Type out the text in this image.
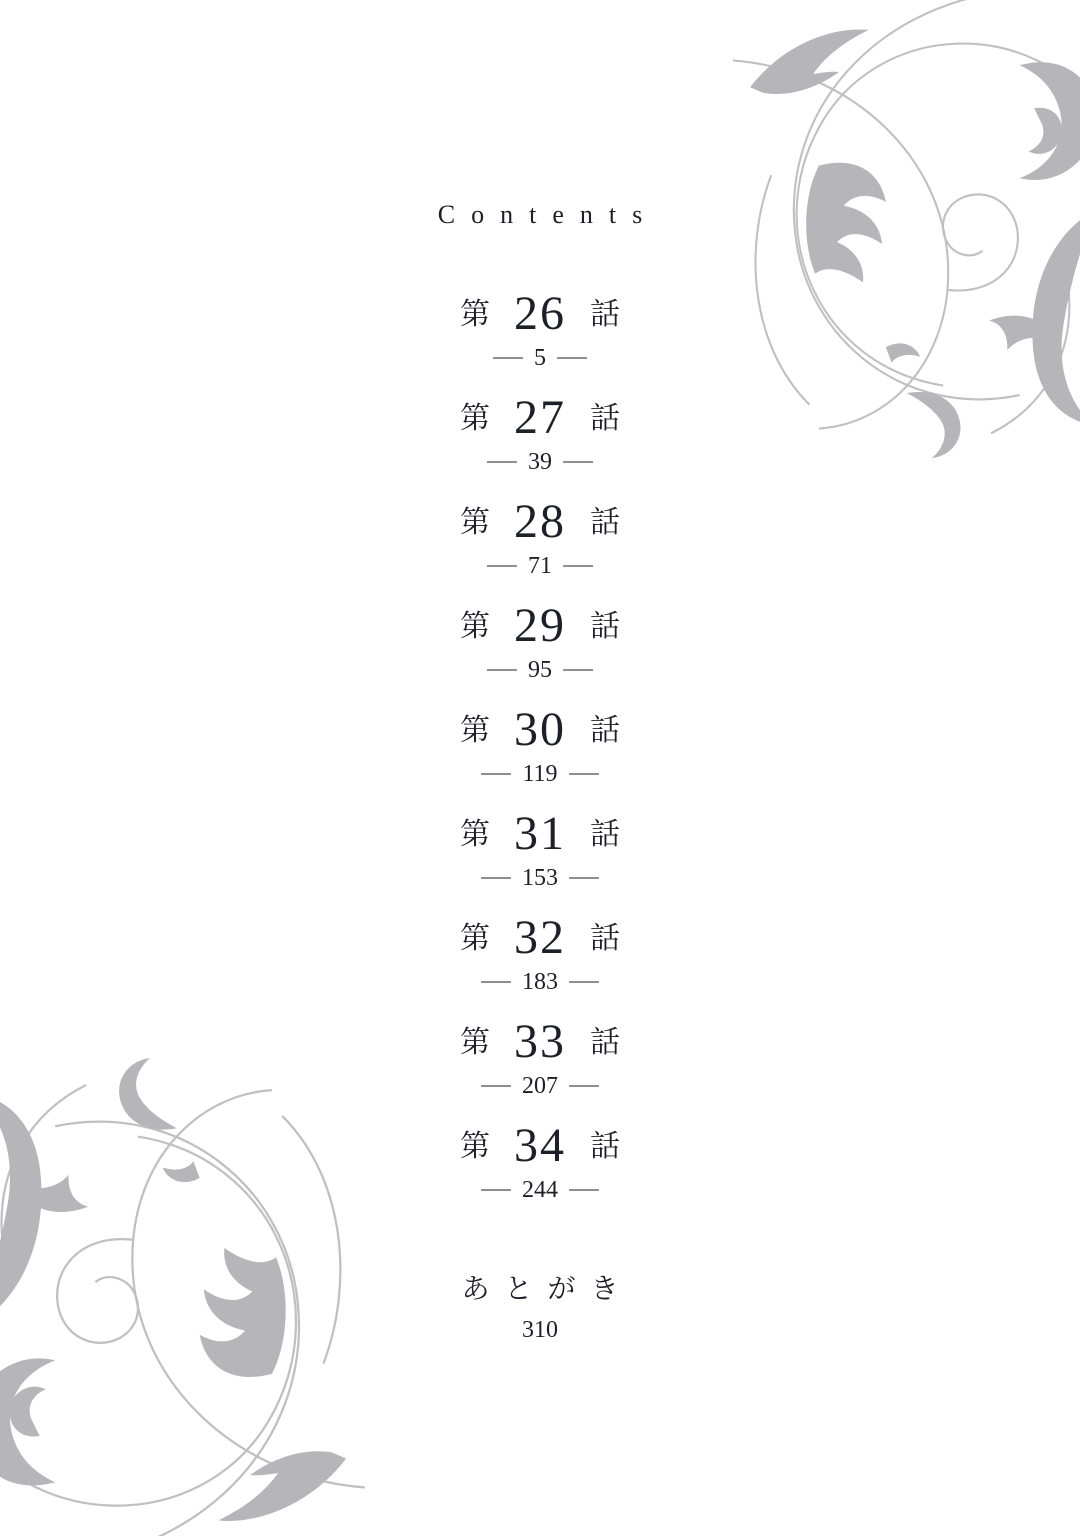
Contents
第 26 話
5
第 27 話
39
第 28 話
71
第 29 話
95
第 30 話
119
第 31 話
153
第 32 話
183
第 33 話
207
第 34 話
244
あとがき
310
